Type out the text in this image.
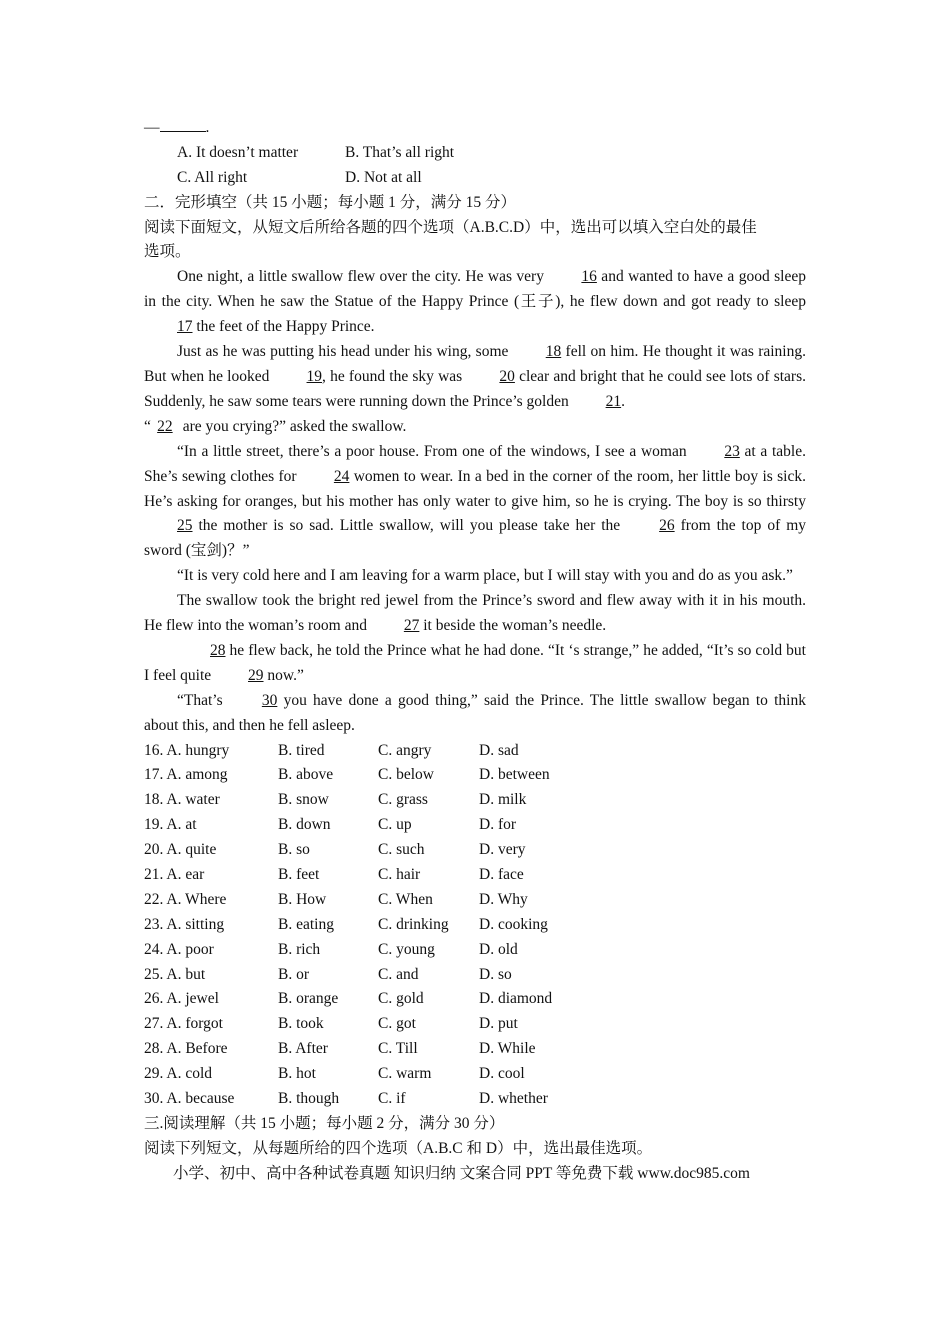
—	.
A. It doesn’t matter	B. That’s all right
C. All right	D. Not at all
二．完形填空（共 15 小题；每小题 1 分，满分 15 分）
阅读下面短文，从短文后所给各题的四个选项（A.B.C.D）中，选出可以填入空白处的最佳
选项。

One night, a little swallow flew over the city. He was very 16 and wanted to have a good sleep in the city. When he saw the Statue of the Happy Prince (王子), he flew down and got ready to sleep 17 the feet of the Happy Prince.

Just as he was putting his head under his wing, some 18 fell on him. He thought it was raining. But when he looked 19, he found the sky was 20 clear and bright that he could see lots of stars. Suddenly, he saw some tears were running down the Prince’s golden 21.

“ 22 are you crying?” asked the swallow.

“In a little street, there’s a poor house. From one of the windows, I see a woman 23 at a table. She’s sewing clothes for 24 women to wear. In a bed in the corner of the room, her little boy is sick. He’s asking for oranges, but his mother has only water to give him, so he is crying. The boy is so thirsty 25 the mother is so sad. Little swallow, will you please take her the 26 from the top of my sword (宝剑)？”

“It is very cold here and I am leaving for a warm place, but I will stay with you and do as you ask.”

The swallow took the bright red jewel from the Prince’s sword and flew away with it in his mouth. He flew into the woman’s room and 27 it beside the woman’s needle.

28 he flew back, he told the Prince what he had done. “It ‘s strange,” he added, “It’s so cold but I feel quite 29 now.”

“That’s 30 you have done a good thing,” said the Prince. The little swallow began to think about this, and then he fell asleep.

16. A. hungry	B. tired	C. angry	D. sad
17. A. among	B. above	C. below	D. between
18. A. water	B. snow	C. grass	D. milk
19. A. at	B. down	C. up	D. for
20. A. quite	B. so	C. such	D. very
21. A. ear	B. feet	C. hair	D. face
22. A. Where	B. How	C. When	D. Why
23. A. sitting	B. eating	C. drinking	D. cooking
24. A. poor	B. rich	C. young	D. old
25. A. but	B. or	C. and	D. so
26. A. jewel	B. orange	C. gold	D. diamond
27. A. forgot	B. took	C. got	D. put
28. A. Before	B. After	C. Till	D. While
29. A. cold	B. hot	C. warm	D. cool
30. A. because	B. though	C. if	D. whether
三.阅读理解（共 15 小题；每小题 2 分，满分 30 分）
阅读下列短文，从每题所给的四个选项（A.B.C 和 D）中，选出最佳选项。
小学、初中、高中各种试卷真题 知识归纳 文案合同 PPT 等免费下载 www.doc985.com
